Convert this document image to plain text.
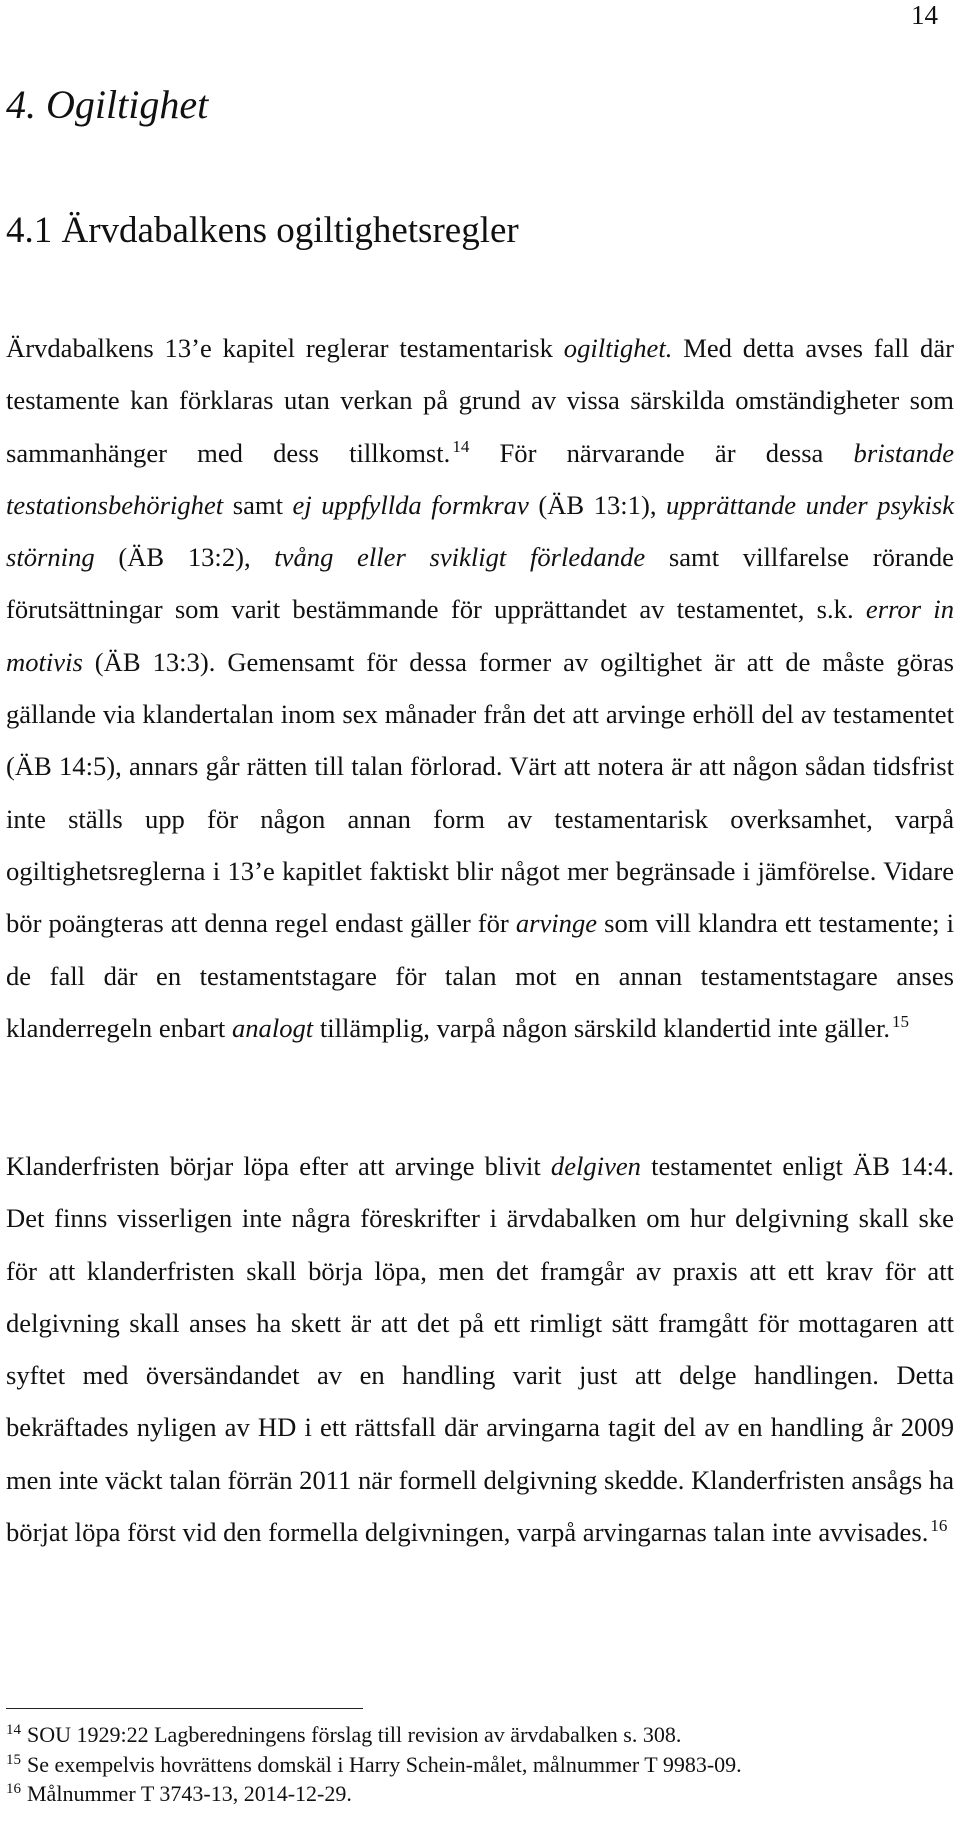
14
4. Ogiltighet
4.1 Ärvdabalkens ogiltighetsregler

Ärvdabalkens 13’e kapitel reglerar testamentarisk ogiltighet. Med detta avses fall där testamente kan förklaras utan verkan på grund av vissa särskilda omständigheter som sammanhänger med dess tillkomst. $^{14}$ För närvarande är dessa bristande testationsbehörighet samt ej uppfyllda formkrav (ÄB 13:1), upprättande under psykisk störning (ÄB 13:2), tvång eller svikligt förledande samt villfarelse rörande förutsättningar som varit bestämmande för upprättandet av testamentet, s.k. error in motivis (ÄB 13:3). Gemensamt för dessa former av ogiltighet är att de måste göras gällande via klandertalan inom sex månader från det att arvinge erhöll del av testamentet (ÄB 14:5), annars går rätten till talan förlorad. Värt att notera är att någon sådan tidsfrist inte ställs upp för någon annan form av testamentarisk overksamhet, varpå ogiltighetsreglerna i 13’e kapitlet faktiskt blir något mer begränsade i jämförelse. Vidare bör poängteras att denna regel endast gäller för arvinge som vill klandra ett testamente; i de fall där en testamentstagare för talan mot en annan testamentstagare anses klanderregeln enbart analogt tillämplig, varpå någon särskild klandertid inte gäller. $^{15}$

Klanderfristen börjar löpa efter att arvinge blivit delgiven testamentet enligt ÄB 14:4. Det finns visserligen inte några föreskrifter i ärvdabalken om hur delgivning skall ske för att klanderfristen skall börja löpa, men det framgår av praxis att ett krav för att delgivning skall anses ha skett är att det på ett rimligt sätt framgått för mottagaren att syftet med översändandet av en handling varit just att delge handlingen. Detta bekräftades nyligen av HD i ett rättsfall där arvingarna tagit del av en handling år 2009 men inte väckt talan förrän 2011 när formell delgivning skedde. Klanderfristen ansågs ha börjat löpa först vid den formella delgivningen, varpå arvingarnas talan inte avvisades. $^{16}$

$^{14}$ SOU 1929:22 Lagberedningens förslag till revision av ärvdabalken s. 308.
$^{15}$ Se exempelvis hovrättens domskäl i Harry Schein-målet, målnummer T 9983-09.
$^{16}$ Målnummer T 3743-13, 2014-12-29.
